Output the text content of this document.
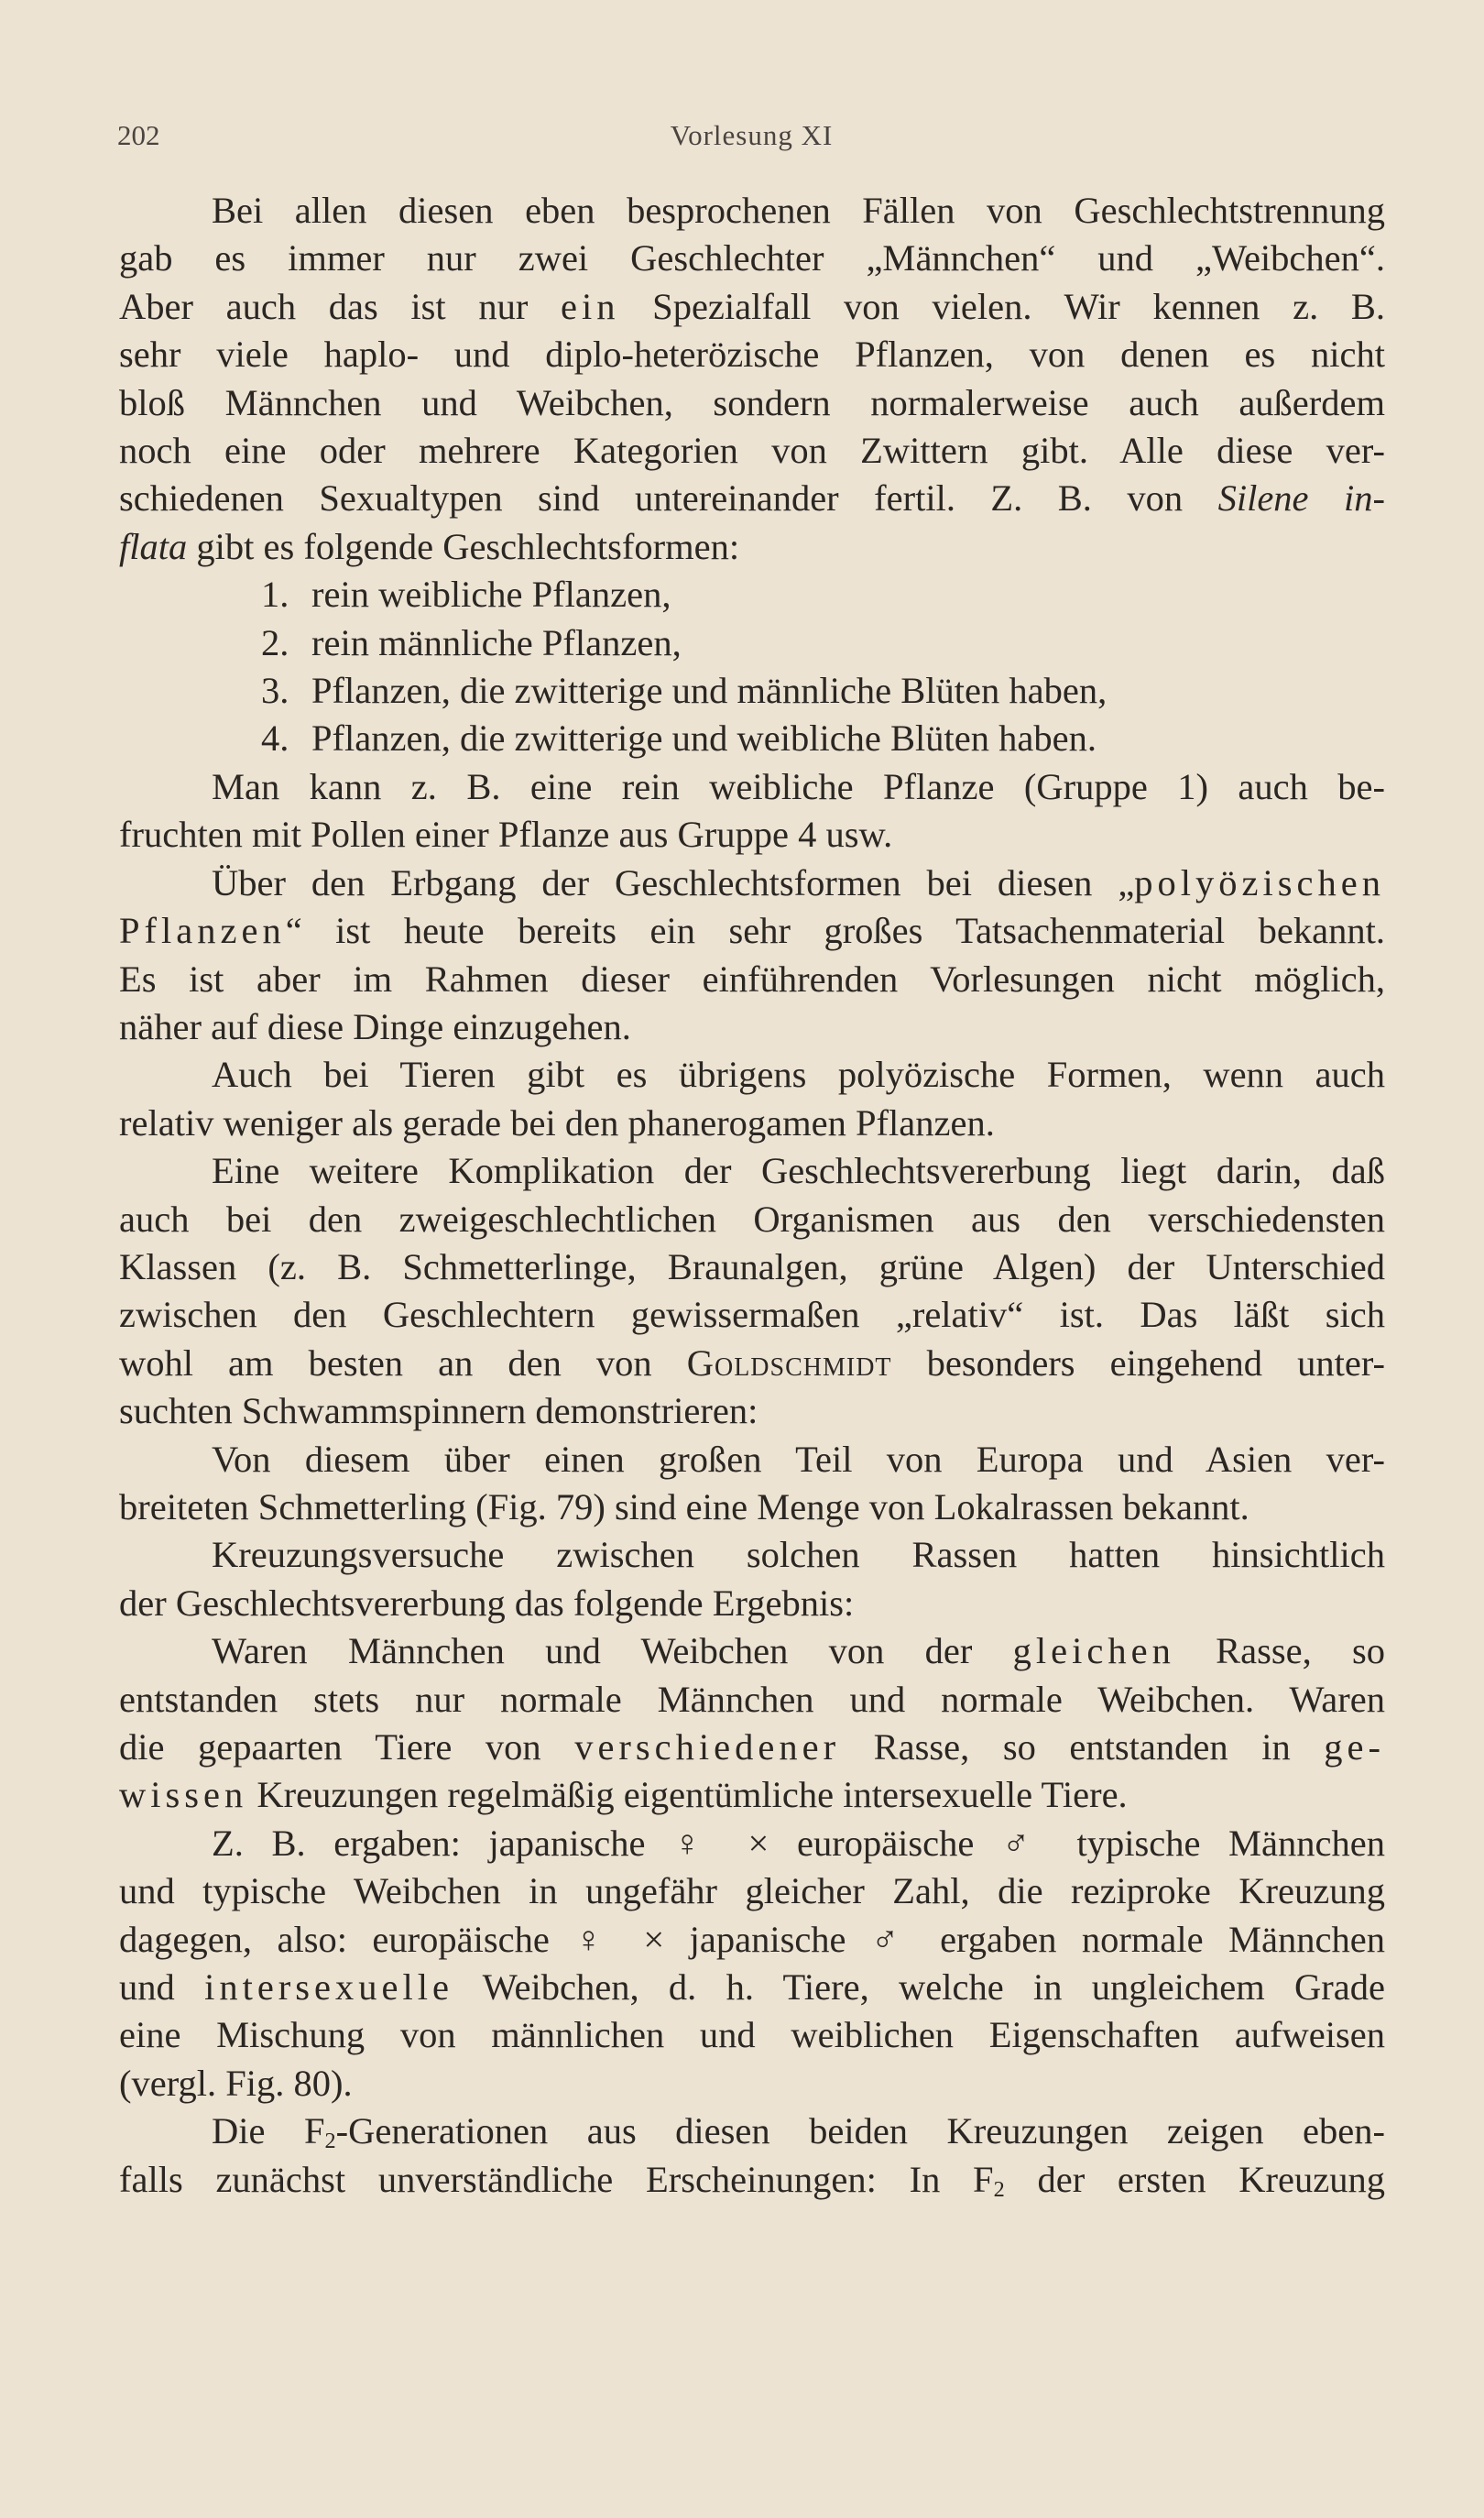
202	Vorlesung XI
Bei allen diesen eben besprochenen Fällen von Geschlechtstrennung
gab es immer nur zwei Geschlechter „Männchen“ und „Weibchen“.
Aber auch das ist nur ein Spezialfall von vielen. Wir kennen z. B.
sehr viele haplo- und diplo-heterözische Pflanzen, von denen es nicht
bloß Männchen und Weibchen, sondern normalerweise auch außerdem
noch eine oder mehrere Kategorien von Zwittern gibt. Alle diese ver-
schiedenen Sexualtypen sind untereinander fertil. Z. B. von Silene in-
flata gibt es folgende Geschlechtsformen:
1. rein weibliche Pflanzen,
2. rein männliche Pflanzen,
3. Pflanzen, die zwitterige und männliche Blüten haben,
4. Pflanzen, die zwitterige und weibliche Blüten haben.
Man kann z. B. eine rein weibliche Pflanze (Gruppe 1) auch be-
fruchten mit Pollen einer Pflanze aus Gruppe 4 usw.
Über den Erbgang der Geschlechtsformen bei diesen „polyözischen
Pflanzen“ ist heute bereits ein sehr großes Tatsachenmaterial bekannt.
Es ist aber im Rahmen dieser einführenden Vorlesungen nicht möglich,
näher auf diese Dinge einzugehen.
Auch bei Tieren gibt es übrigens polyözische Formen, wenn auch
relativ weniger als gerade bei den phanerogamen Pflanzen.
Eine weitere Komplikation der Geschlechtsvererbung liegt darin, daß
auch bei den zweigeschlechtlichen Organismen aus den verschiedensten
Klassen (z. B. Schmetterlinge, Braunalgen, grüne Algen) der Unterschied
zwischen den Geschlechtern gewissermaßen „relativ“ ist. Das läßt sich
wohl am besten an den von Goldschmidt besonders eingehend unter-
suchten Schwammspinnern demonstrieren:
Von diesem über einen großen Teil von Europa und Asien ver-
breiteten Schmetterling (Fig. 79) sind eine Menge von Lokalrassen bekannt.
Kreuzungsversuche zwischen solchen Rassen hatten hinsichtlich
der Geschlechtsvererbung das folgende Ergebnis:
Waren Männchen und Weibchen von der gleichen Rasse, so
entstanden stets nur normale Männchen und normale Weibchen. Waren
die gepaarten Tiere von verschiedener Rasse, so entstanden in ge-
wissen Kreuzungen regelmäßig eigentümliche intersexuelle Tiere.
Z. B. ergaben: japanische ♀ × europäische ♂ typische Männchen
und typische Weibchen in ungefähr gleicher Zahl, die reziproke Kreuzung
dagegen, also: europäische ♀ × japanische ♂ ergaben normale Männchen
und intersexuelle Weibchen, d. h. Tiere, welche in ungleichem Grade
eine Mischung von männlichen und weiblichen Eigenschaften aufweisen
(vergl. Fig. 80).
Die $F_2$-Generationen aus diesen beiden Kreuzungen zeigen eben-
falls zunächst unverständliche Erscheinungen: In $F_2$ der ersten Kreuzung
